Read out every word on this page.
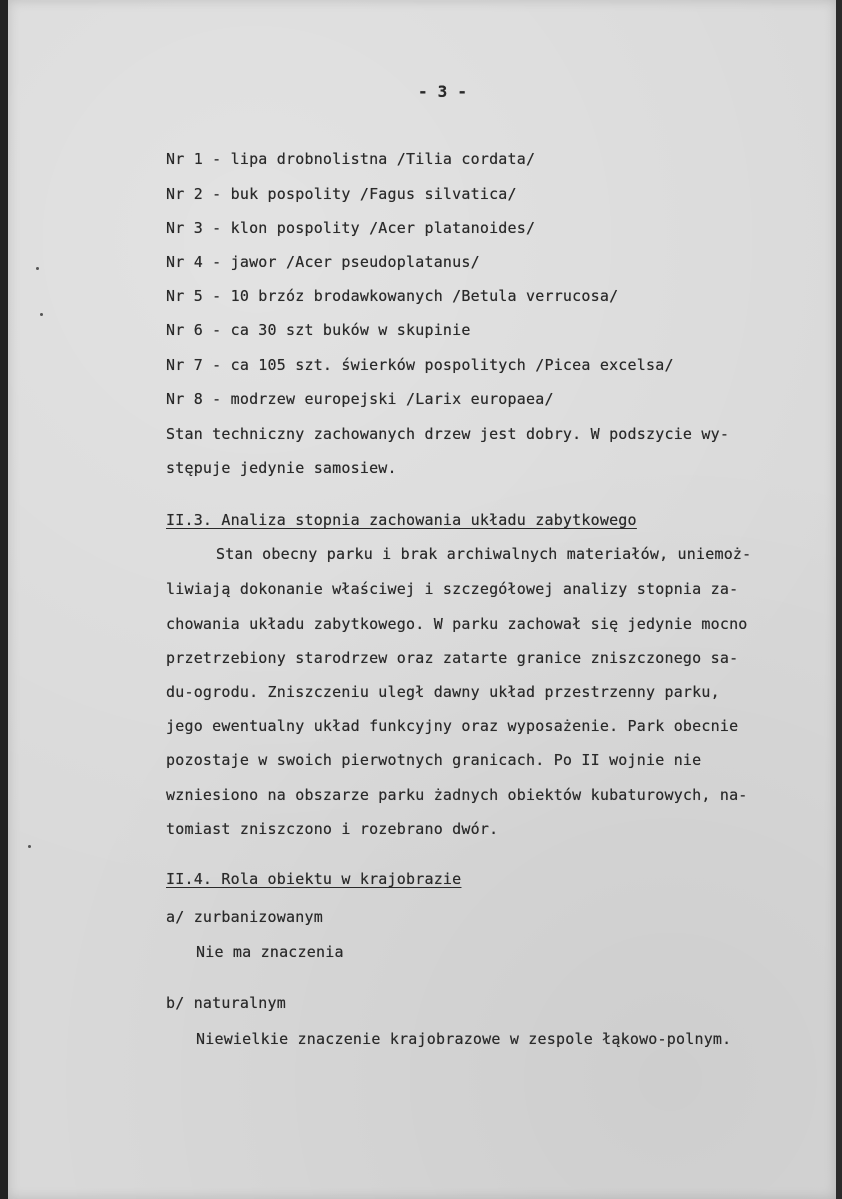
- 3 -
Nr 1 - lipa drobnolistna /Tilia cordata/
Nr 2 - buk pospolity /Fagus silvatica/
Nr 3 - klon pospolity /Acer platanoides/
Nr 4 - jawor /Acer pseudoplatanus/
Nr 5 - 10 brzóz brodawkowanych /Betula verrucosa/
Nr 6 - ca 30 szt buków w skupinie
Nr 7 - ca 105 szt. świerków pospolitych /Picea excelsa/
Nr 8 - modrzew europejski /Larix europaea/
Stan techniczny zachowanych drzew jest dobry. W podszycie wy-
stępuje jedynie samosiew.
II.3. Analiza stopnia zachowania układu zabytkowego
Stan obecny parku i brak archiwalnych materiałów, uniemoż-
liwiają dokonanie właściwej i szczegółowej analizy stopnia za-
chowania układu zabytkowego. W parku zachował się jedynie mocno
przetrzebiony starodrzew oraz zatarte granice zniszczonego sa-
du-ogrodu. Zniszczeniu uległ dawny układ przestrzenny parku,
jego ewentualny układ funkcyjny oraz wyposażenie. Park obecnie
pozostaje w swoich pierwotnych granicach. Po II wojnie nie
wzniesiono na obszarze parku żadnych obiektów kubaturowych, na-
tomiast zniszczono i rozebrano dwór.
II.4. Rola obiektu w krajobrazie
a/ zurbanizowanym
Nie ma znaczenia
b/ naturalnym
Niewielkie znaczenie krajobrazowe w zespole łąkowo-polnym.
